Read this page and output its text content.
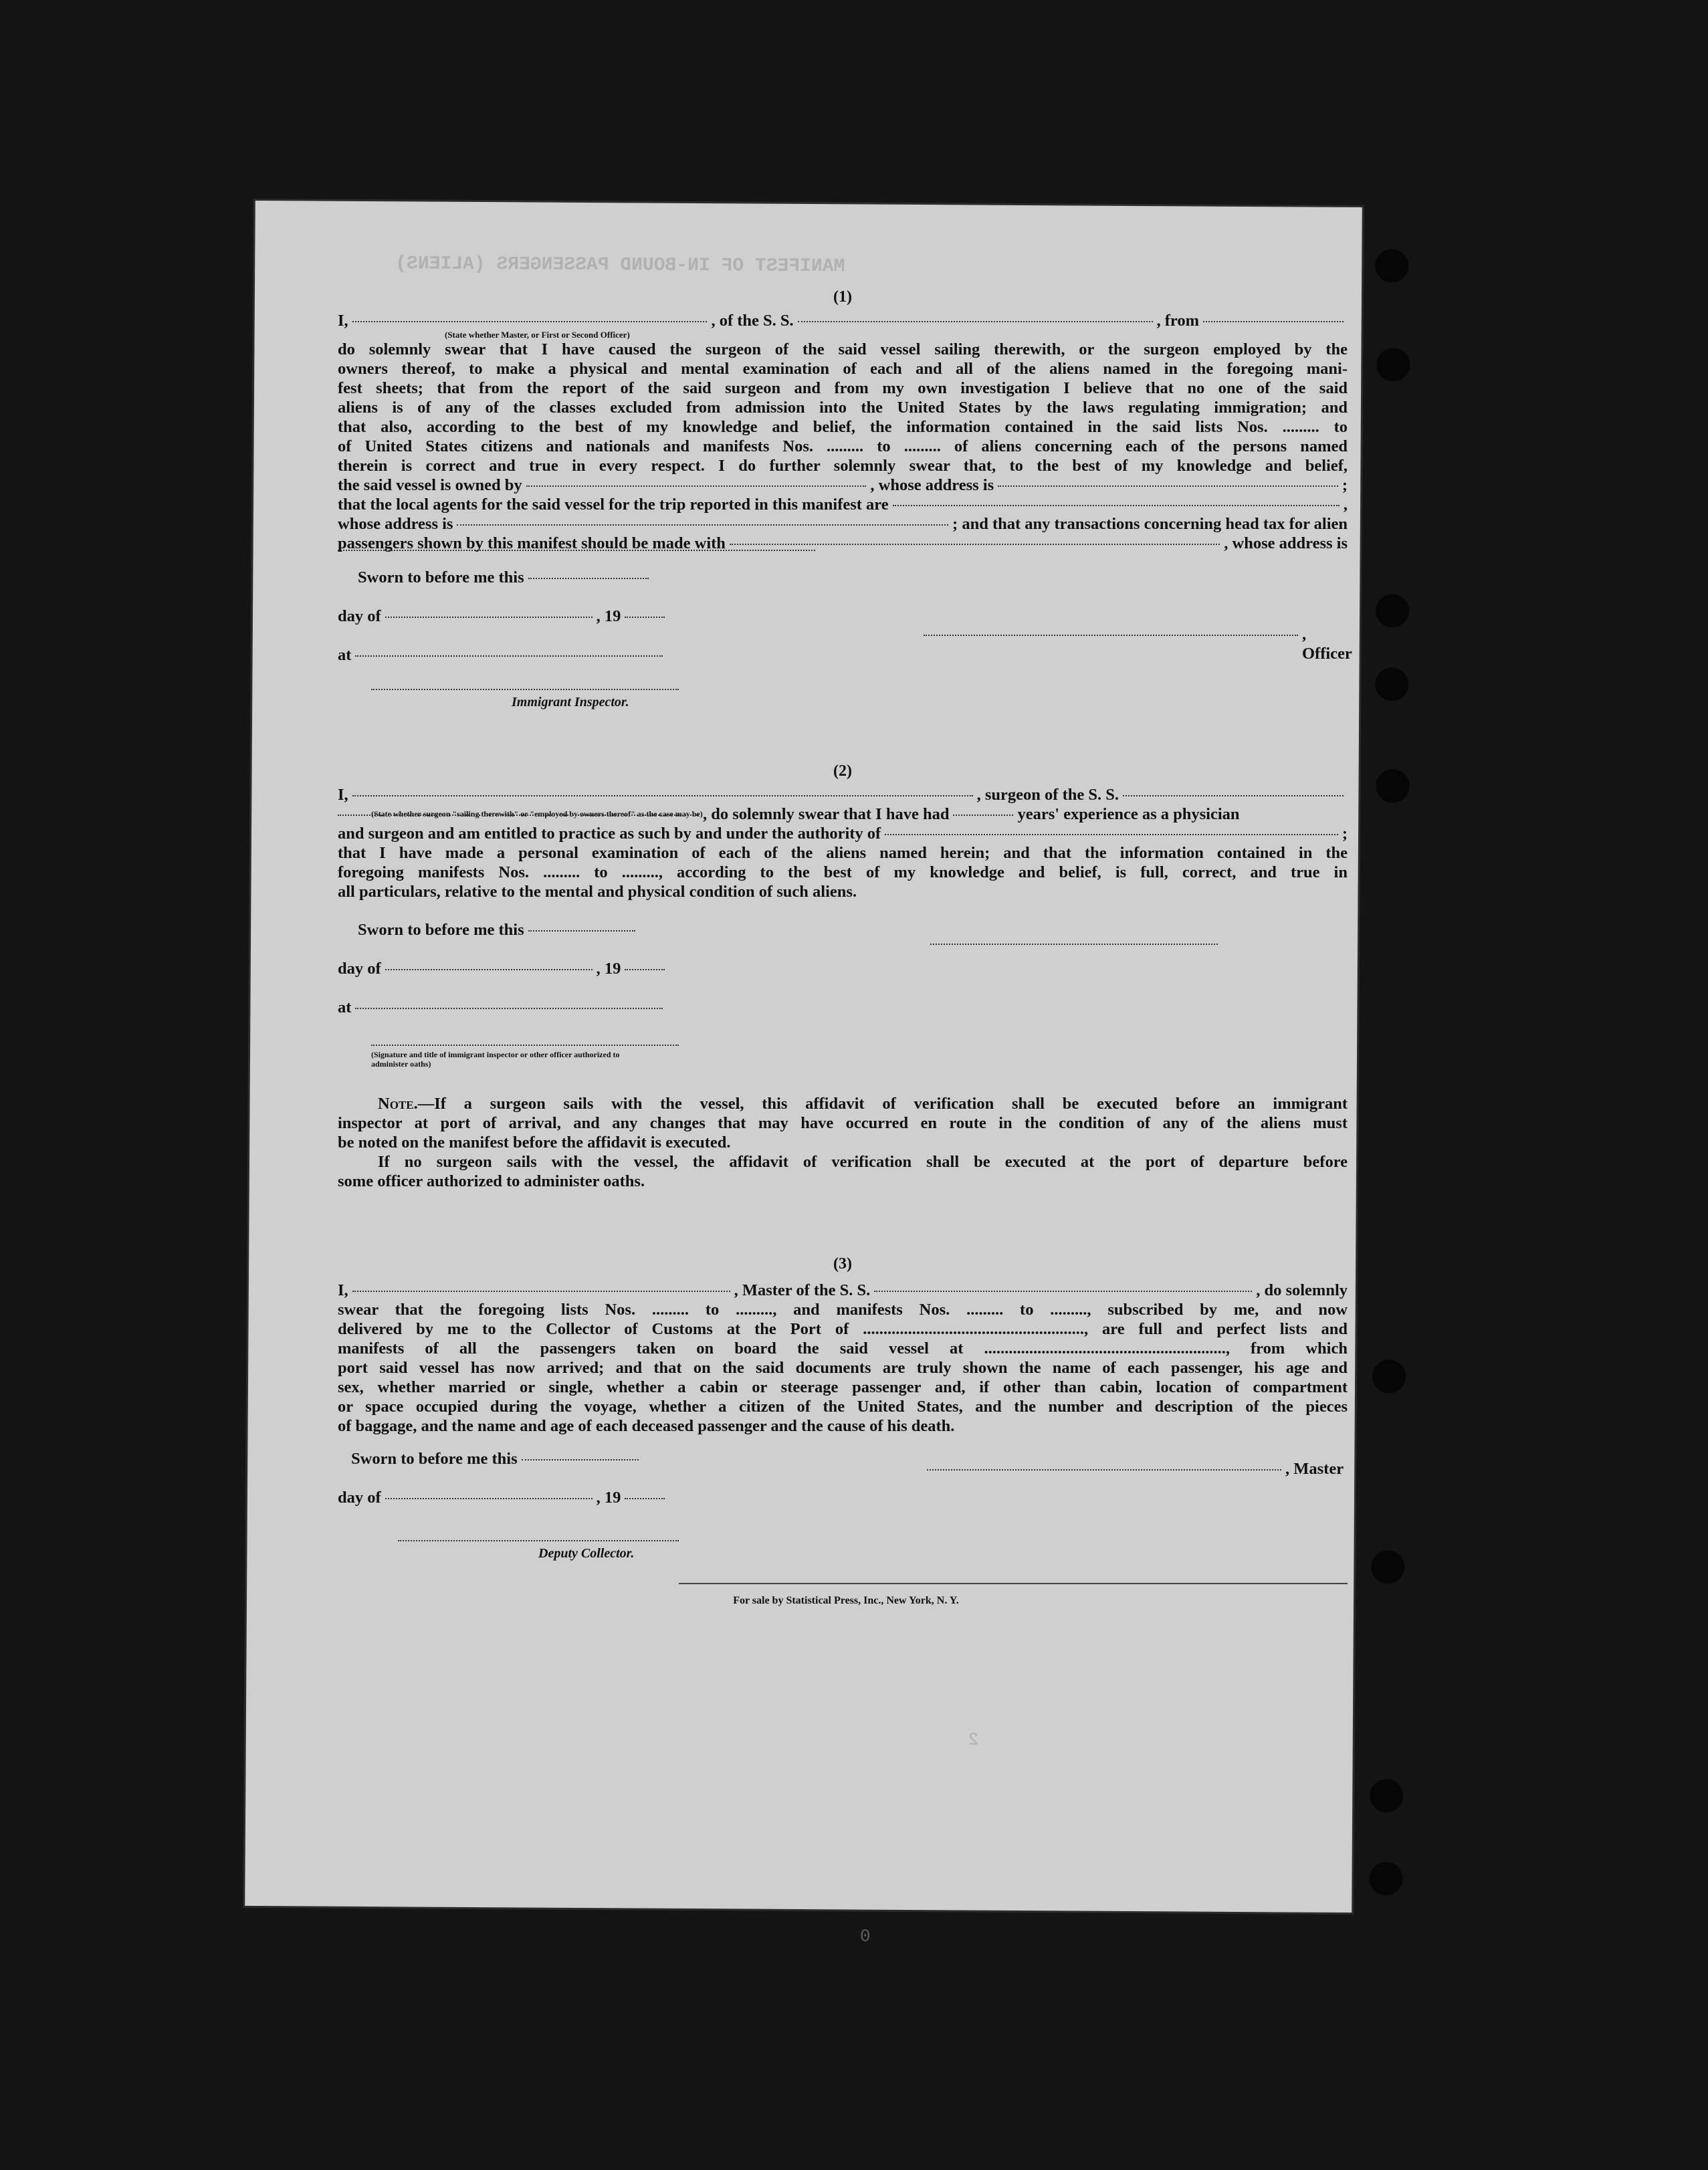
MANIFEST OF IN-BOUND PASSENGERS (ALIENS)
2
0
(1)
I,	, of the S. S.	, from
(State whether Master, or First or Second Officer)
do solemnly swear that I have caused the surgeon of the said vessel sailing therewith, or the surgeon employed by the
owners thereof, to make a physical and mental examination of each and all of the aliens named in the foregoing mani-
fest sheets; that from the report of the said surgeon and from my own investigation I believe that no one of the said
aliens is of any of the classes excluded from admission into the United States by the laws regulating immigration; and
that also, according to the best of my knowledge and belief, the information contained in the said lists Nos. ......... to
of United States citizens and nationals and manifests Nos. ......... to ......... of aliens concerning each of the persons named
therein is correct and true in every respect. I do further solemnly swear that, to the best of my knowledge and belief,
the said vessel is owned by	, whose address is	;
that the local agents for the said vessel for the trip reported in this manifest are	,
whose address is	; and that any transactions concerning head tax for alien
passengers shown by this manifest should be made with	, whose address is
Sworn to before me this
day of	, 19
at
Immigrant Inspector.
, Officer
(2)
I,	, surgeon of the S. S.
, do solemnly swear that I have had	years' experience as a physician
(State whether surgeon "sailing therewith" or "employed by owners thereof" as the case may be)
and surgeon and am entitled to practice as such by and under the authority of	;
that I have made a personal examination of each of the aliens named herein; and that the information contained in the
foregoing manifests Nos. ......... to ........., according to the best of my knowledge and belief, is full, correct, and true in
all particulars, relative to the mental and physical condition of such aliens.
Sworn to before me this
day of	, 19
at
(Signature and title of immigrant inspector or other officer authorized to administer oaths)
Note.—If a surgeon sails with the vessel, this affidavit of verification shall be executed before an immigrant
inspector at port of arrival, and any changes that may have occurred en route in the condition of any of the aliens must
be noted on the manifest before the affidavit is executed.
If no surgeon sails with the vessel, the affidavit of verification shall be executed at the port of departure before
some officer authorized to administer oaths.
(3)
I,	, Master of the S. S.	, do solemnly
swear that the foregoing lists Nos. ......... to ........., and manifests Nos. ......... to ........., subscribed by me, and now
delivered by me to the Collector of Customs at the Port of ......................................................, are full and perfect lists and
manifests of all the passengers taken on board the said vessel at ..........................................................., from which
port said vessel has now arrived; and that on the said documents are truly shown the name of each passenger, his age and
sex, whether married or single, whether a cabin or steerage passenger and, if other than cabin, location of compartment
or space occupied during the voyage, whether a citizen of the United States, and the number and description of the pieces
of baggage, and the name and age of each deceased passenger and the cause of his death.
Sworn to before me this
day of	, 19
Deputy Collector.
, Master
For sale by Statistical Press, Inc., New York, N. Y.
